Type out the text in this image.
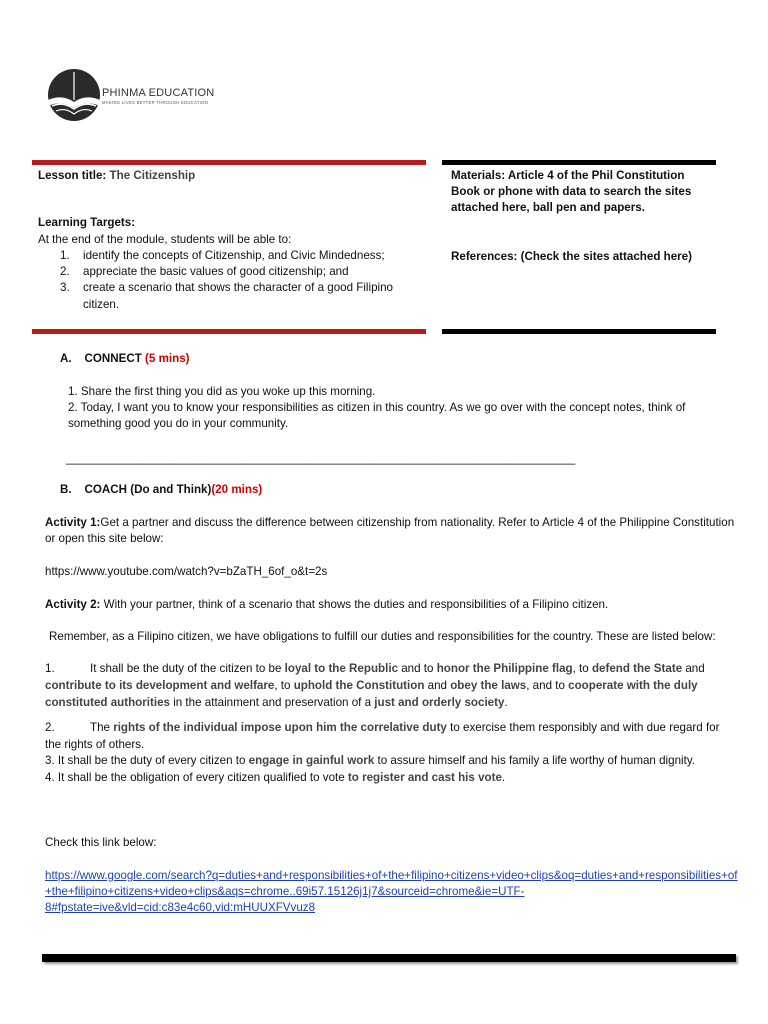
PHINMA EDUCATION
MAKING LIVES BETTER THROUGH EDUCATION
Lesson title: The Citizenship
Learning Targets:
At the end of the module, students will be able to:
1. identify the concepts of Citizenship, and Civic Mindedness;
2. appreciate the basic values of good citizenship; and
3. create a scenario that shows the character of a good Filipino
citizen.
Materials: Article 4 of the Phil Constitution
Book or phone with data to search the sites
attached here, ball pen and papers.
References: (Check the sites attached here)
A. CONNECT (5 mins)
1. Share the first thing you did as you woke up this morning.
2. Today, I want you to know your responsibilities as citizen in this country. As we go over with the concept notes, think of
something good you do in your community.
_______________________________________________________________________________
B. COACH (Do and Think)(20 mins)
Activity 1:Get a partner and discuss the difference between citizenship from nationality. Refer to Article 4 of the Philippine Constitution
or open this site below:
https://www.youtube.com/watch?v=bZaTH_6of_o&t=2s
Activity 2: With your partner, think of a scenario that shows the duties and responsibilities of a Filipino citizen.
Remember, as a Filipino citizen, we have obligations to fulfill our duties and responsibilities for the country. These are listed below:
1.	It shall be the duty of the citizen to be loyal to the Republic and to honor the Philippine flag, to defend the State and
contribute to its development and welfare, to uphold the Constitution and obey the laws, and to cooperate with the duly
constituted authorities in the attainment and preservation of a just and orderly society.
2.	The rights of the individual impose upon him the correlative duty to exercise them responsibly and with due regard for
the rights of others.
3. It shall be the duty of every citizen to engage in gainful work to assure himself and his family a life worthy of human dignity.
4. It shall be the obligation of every citizen qualified to vote to register and cast his vote.
Check this link below:
https://www.google.com/search?q=duties+and+responsibilities+of+the+filipino+citizens+video+clips&oq=duties+and+responsibilities+of
+the+filipino+citizens+video+clips&aqs=chrome..69i57.15126j1j7&sourceid=chrome&ie=UTF-
8#fpstate=ive&vld=cid:c83e4c60,vid:mHUUXFVvuz8
